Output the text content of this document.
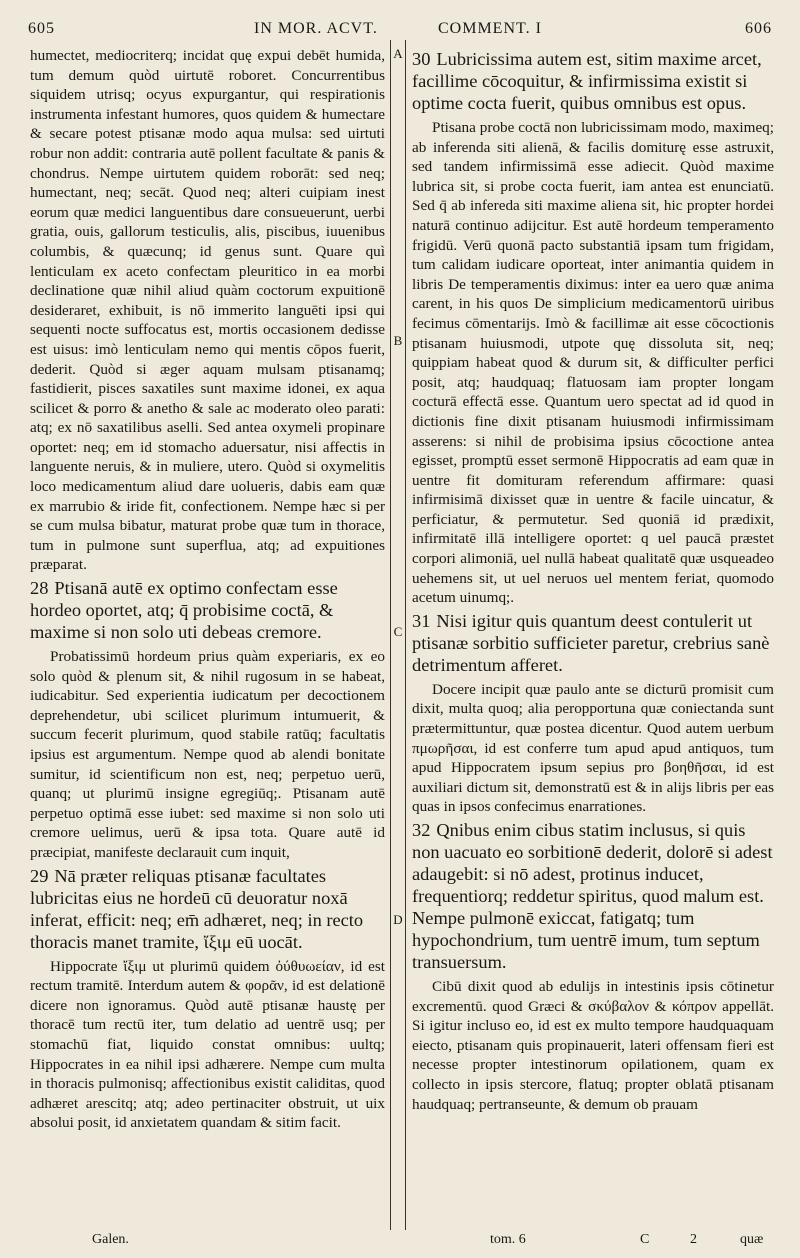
605	IN MOR. ACVT.	COMMENT. I	606
A
B
C
D

humectet, mediocriterq; incidat quę expui debēt humida, tum demum quòd uirtutē roboret. Concurrentibus siquidem utrisq; ocyus expurgantur, qui respirationis instrumenta infestant humores, quos quidem & humectare & secare potest ptisanæ modo aqua mulsa: sed uirtuti robur non addit: contraria autē pollent facultate & panis & chondrus. Nempe uirtutem quidem roborāt: sed neq; humectant, neq; secāt. Quod neq; alteri cuipiam inest eorum quæ medici languentibus dare consueuerunt, uerbi gratia, ouis, gallorum testiculis, alis, piscibus, iuuenibus columbis, & quæcunq; id genus sunt. Quare quì lenticulam ex aceto confectam pleuritico in ea morbi declinatione quæ nihil aliud quàm coctorum expuitionē desideraret, exhibuit, is nō immerito languēti ipsi qui sequenti nocte suffocatus est, mortis occasionem dedisse est uisus: imò lenticulam nemo qui mentis cōpos fuerit, dederit. Quòd si æger aquam mulsam ptisanamq; fastidierit, pisces saxatiles sunt maxime idonei, ex aqua scilicet & porro & anetho & sale ac moderato oleo parati: atq; ex nō saxatilibus aselli. Sed antea oxymeli propinare oportet: neq; em id stomacho aduersatur, nisi affectis in languente neruis, & in muliere, utero. Quòd si oxymelitis loco medicamentum aliud dare uolueris, dabis eam quæ ex marrubio & iride fit, confectionem. Nempe hæc si per se cum mulsa bibatur, maturat probe quæ tum in thorace, tum in pulmone sunt superflua, atq; ad expuitiones præparat.

28 Ptisanā autē ex optimo confectam esse hordeo oportet, atq; q̄ probisime coctā, & maxime si non solo uti debeas cremore.

Probatissimū hordeum prius quàm experiaris, ex eo solo quòd & plenum sit, & nihil rugosum in se habeat, iudicabitur. Sed experientia iudicatum per decoctionem deprehendetur, ubi scilicet plurimum intumuerit, & succum fecerit plurimum, quod stabile ratūq; facultatis ipsius est argumentum. Nempe quod ab alendi bonitate sumitur, id scientificum non est, neq; perpetuo uerū, quanq; ut plurimū insigne egregiūq;. Ptisanam autē perpetuo optimā esse iubet: sed maxime si non solo uti cremore uelimus, uerū & ipsa tota. Quare autē id præcipiat, manifeste declarauit cum inquit,

29 Nā præter reliquas ptisanæ facultates lubricitas eius ne hordeū cū deuoratur noxā inferat, efficit: neq; em̄ adhæret, neq; in recto thoracis manet tramite, ἴξιμ eū uocāt.

Hippocrate ἴξιμ ut plurimū quidem ὀύθυωείαν, id est rectum tramitē. Interdum autem & φορᾶν, id est delationē dicere non ignoramus. Quòd autē ptisanæ haustę per thoracē tum rectū iter, tum delatio ad uentrē usq; per stomachū fiat, liquido constat omnibus: uultq; Hippocrates in ea nihil ipsi adhærere. Nempe cum multa in thoracis pulmonisq; affectionibus existit caliditas, quod adhæret arescitq; atq; adeo pertinaciter obstruit, ut uix absolui posit, id anxietatem quandam & sitim facit.

30 Lubricissima autem est, sitim maxime arcet, facillime cōcoquitur, & infirmissima existit si optime cocta fuerit, quibus omnibus est opus.

Ptisana probe coctā non lubricissimam modo, maximeq; ab inferenda siti alienā, & facilis domiturę esse astruxit, sed tandem infirmissimā esse adiecit. Quòd maxime lubrica sit, si probe cocta fuerit, iam antea est enunciatū. Sed q̄ ab infereda siti maxime aliena sit, hic propter hordei naturā continuo adijcitur. Est autē hordeum temperamento frigidū. Verū quonā pacto substantiā ipsam tum frigidam, tum calidam iudicare oporteat, inter animantia quidem in libris De temperamentis diximus: inter ea uero quæ anima carent, in his quos De simplicium medicamentorū uiribus fecimus cōmentarijs. Imò & facillimæ ait esse cōcoctionis ptisanam huiusmodi, utpote quę dissoluta sit, neq; quippiam habeat quod & durum sit, & difficulter perfici posit, atq; haudquaq; flatuosam iam propter longam cocturā effectā esse. Quantum uero spectat ad id quod in dictionis fine dixit ptisanam huiusmodi infirmissimam asserens: si nihil de probisima ipsius cōcoctione antea egisset, promptū esset sermonē Hippocratis ad eam quæ in uentre fit domituram referendum affirmare: quasi infirmisimā dixisset quæ in uentre & facile uincatur, & perficiatur, & permutetur. Sed quoniā id prædixit, infirmitatē illā intelligere oportet: q uel paucā præstet corpori alimoniā, uel nullā habeat qualitatē quæ usqueadeo uehemens sit, ut uel neruos uel mentem feriat, quomodo acetum uinumq;.

31 Nisi igitur quis quantum deest contulerit ut ptisanæ sorbitio sufficieter paretur, crebrius sanè detrimentum afferet.

Docere incipit quæ paulo ante se dicturū promisit cum dixit, multa quoq; alia peropportuna quæ coniectanda sunt prætermittuntur, quæ postea dicentur. Quod autem uerbum πμωρῆσαι, id est conferre tum apud apud antiquos, tum apud Hippocratem ipsum sepius pro βοηθῆσαι, id est auxiliari dictum sit, demonstratū est & in alijs libris per eas quas in ipsos confecimus enarrationes.

32 Qnibus enim cibus statim inclusus, si quis non uacuato eo sorbitionē dederit, dolorē si adest adaugebit: si nō adest, protinus inducet, frequentiorq; reddetur spiritus, quod malum est. Nempe pulmonē exiccat, fatigatq; tum hypochondrium, tum uentrē imum, tum septum transuersum.

Cibū dixit quod ab edulijs in intestinis ipsis cōtinetur excrementū. quod Græci & σκύβαλον & κόπρον appellāt. Si igitur incluso eo, id est ex multo tempore haudquaquam eiecto, ptisanam quis propinauerit, lateri offensam fieri est necesse propter intestinorum opilationem, quam ex collecto in ipsis stercore, flatuq; propter oblatā ptisanam haudquaq; pertranseunte, & demum ob prauam

Galen.	tom. 6	C	2	quæ
